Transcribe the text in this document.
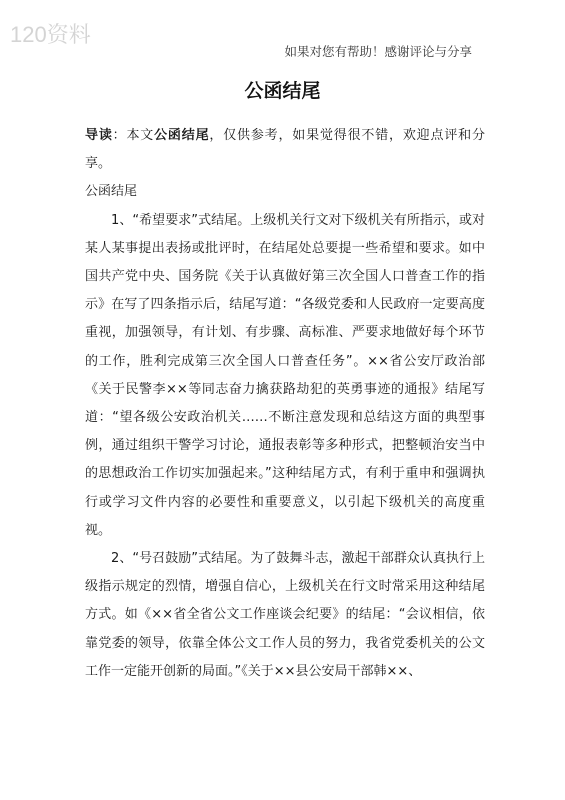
120资料
如果对您有帮助！感谢评论与分享
公函结尾

导读：本文公函结尾，仅供参考，如果觉得很不错，欢迎点评和分享。

公函结尾

1、“希望要求”式结尾。上级机关行文对下级机关有所指示，或对某人某事提出表扬或批评时，在结尾处总要提一些希望和要求。如中国共产党中央、国务院《关于认真做好第三次全国人口普查工作的指示》在写了四条指示后，结尾写道：“各级党委和人民政府一定要高度重视，加强领导，有计划、有步骤、高标准、严要求地做好每个环节的工作，胜利完成第三次全国人口普查任务”。××省公安厅政治部《关于民警李××等同志奋力擒获路劫犯的英勇事迹的通报》结尾写道：“望各级公安政治机关……不断注意发现和总结这方面的典型事例，通过组织干警学习讨论，通报表彰等多种形式，把整顿治安当中的思想政治工作切实加强起来。”这种结尾方式，有利于重申和强调执行或学习文件内容的必要性和重要意义，以引起下级机关的高度重视。

2、“号召鼓励”式结尾。为了鼓舞斗志，激起干部群众认真执行上级指示规定的烈情，增强自信心，上级机关在行文时常采用这种结尾方式。如《××省全省公文工作座谈会纪要》的结尾：“会议相信，依靠党委的领导，依靠全体公文工作人员的努力，我省党委机关的公文工作一定能开创新的局面。”《关于××县公安局干部韩××、
